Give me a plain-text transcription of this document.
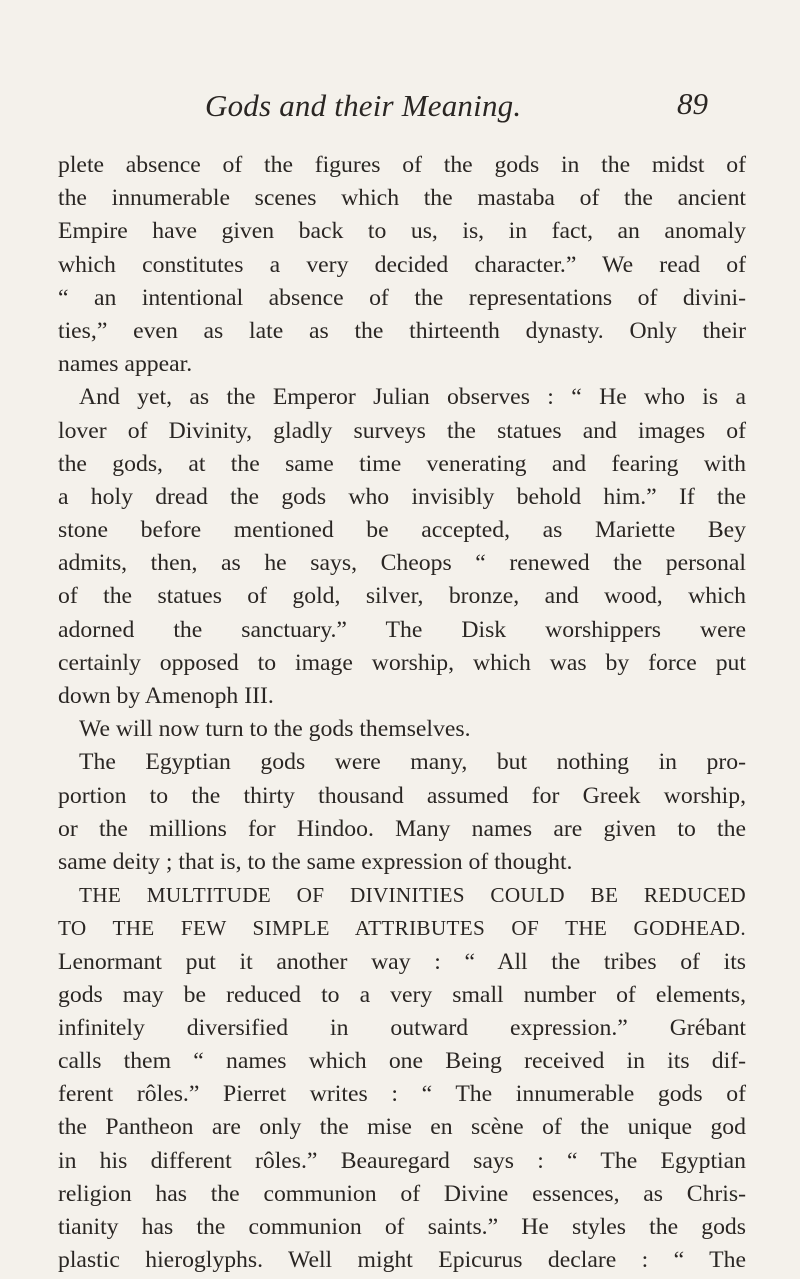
Gods and their Meaning.	89
plete absence of the figures of the gods in the midst of
the innumerable scenes which the mastaba of the ancient
Empire have given back to us, is, in fact, an anomaly
which constitutes a very decided character.” We read of
“ an intentional absence of the representations of divini-
ties,” even as late as the thirteenth dynasty. Only their
names appear.
And yet, as the Emperor Julian observes : “ He who is a
lover of Divinity, gladly surveys the statues and images of
the gods, at the same time venerating and fearing with
a holy dread the gods who invisibly behold him.” If the
stone before mentioned be accepted, as Mariette Bey
admits, then, as he says, Cheops “ renewed the personal
of the statues of gold, silver, bronze, and wood, which
adorned the sanctuary.” The Disk worshippers were
certainly opposed to image worship, which was by force put
down by Amenoph III.
We will now turn to the gods themselves.
The Egyptian gods were many, but nothing in pro-
portion to the thirty thousand assumed for Greek worship,
or the millions for Hindoo. Many names are given to the
same deity ; that is, to the same expression of thought.
THE MULTITUDE OF DIVINITIES COULD BE REDUCED
TO THE FEW SIMPLE ATTRIBUTES OF THE GODHEAD.
Lenormant put it another way : “ All the tribes of its
gods may be reduced to a very small number of elements,
infinitely diversified in outward expression.” Grébant
calls them “ names which one Being received in its dif-
ferent rôles.” Pierret writes : “ The innumerable gods of
the Pantheon are only the mise en scène of the unique god
in his different rôles.” Beauregard says : “ The Egyptian
religion has the communion of Divine essences, as Chris-
tianity has the communion of saints.” He styles the gods
plastic hieroglyphs. Well might Epicurus declare : “ The
